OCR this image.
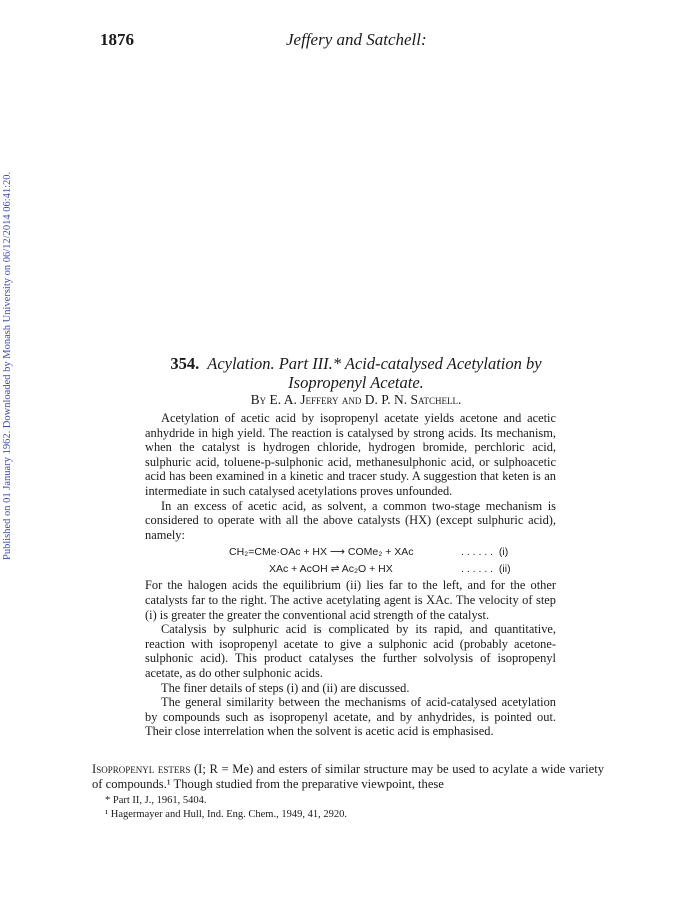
1876	Jeffery and Satchell:
Published on 01 January 1962. Downloaded by Monash University on 06/12/2014 06:41:20.	354. Acylation. Part III.* Acid-catalysed Acetylation by
Isopropenyl Acetate.
By E. A. Jeffery and D. P. N. Satchell.

Acetylation of acetic acid by isopropenyl acetate yields acetone and acetic anhydride in high yield. The reaction is catalysed by strong acids. Its mechanism, when the catalyst is hydrogen chloride, hydrogen bromide, perchloric acid, sulphuric acid, toluene-p-sulphonic acid, methanesulphonic acid, or sulphoacetic acid has been examined in a kinetic and tracer study. A suggestion that keten is an intermediate in such catalysed acetylations proves unfounded.

In an excess of acetic acid, as solvent, a common two-stage mechanism is considered to operate with all the above catalysts (HX) (except sulphuric acid), namely:

CH₂=CMe·OAc + HX ⟶ COMe₂ + XAc	. . . . . .  (i)
XAc + AcOH ⇌ Ac₂O + HX	. . . . . .  (ii)

For the halogen acids the equilibrium (ii) lies far to the left, and for the other catalysts far to the right. The active acetylating agent is XAc. The velocity of step (i) is greater the greater the conventional acid strength of the catalyst.

Catalysis by sulphuric acid is complicated by its rapid, and quantitative, reaction with isopropenyl acetate to give a sulphonic acid (probably acetone-sulphonic acid). This product catalyses the further solvolysis of isopropenyl acetate, as do other sulphonic acids.

The finer details of steps (i) and (ii) are discussed.

The general similarity between the mechanisms of acid-catalysed acetylation by compounds such as isopropenyl acetate, and by anhydrides, is pointed out. Their close interrelation when the solvent is acetic acid is emphasised.

Isopropenyl esters (I; R = Me) and esters of similar structure may be used to acylate a wide variety of compounds.¹ Though studied from the preparative viewpoint, these
* Part II, J., 1961, 5404.
¹ Hagermayer and Hull, Ind. Eng. Chem., 1949, 41, 2920.
